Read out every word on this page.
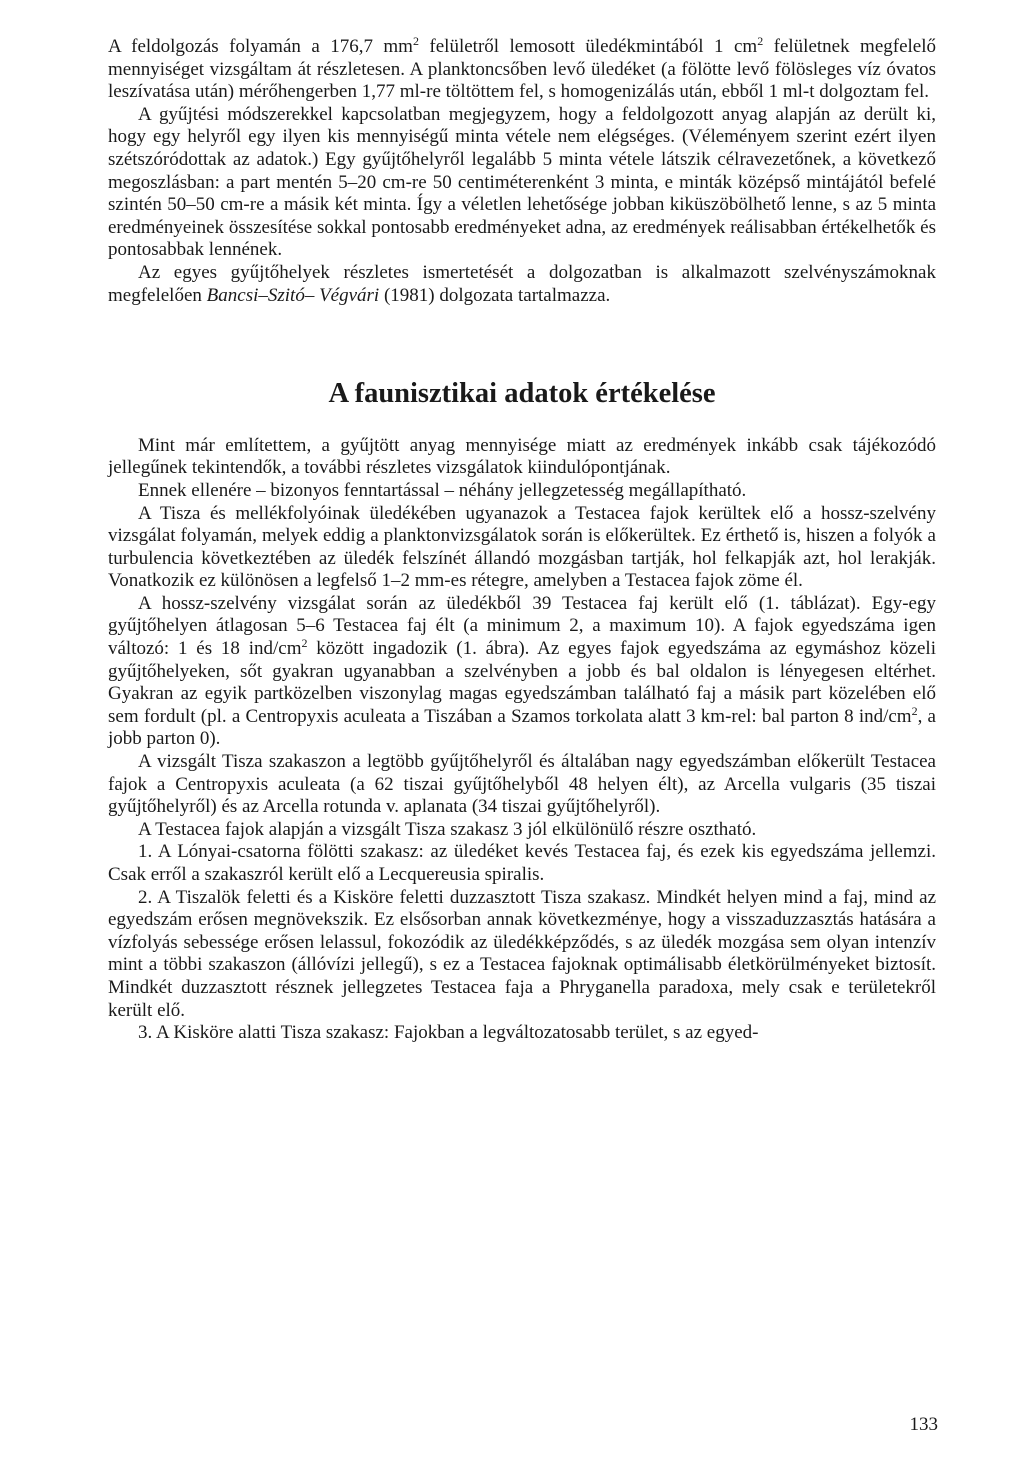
A feldolgozás folyamán a 176,7 $mm^2$ felületről lemosott üledékmintából 1 $cm^2$ felületnek megfelelő mennyiséget vizsgáltam át részletesen. A planktoncsőben levő üledéket (a fölötte levő fölösleges víz óvatos leszívatása után) mérőhengerben 1,77 ml-re töltöttem fel, s homogenizálás után, ebből 1 ml-t dolgoztam fel.

A gyűjtési módszerekkel kapcsolatban megjegyzem, hogy a feldolgozott anyag alapján az derült ki, hogy egy helyről egy ilyen kis mennyiségű minta vétele nem elégséges. (Véleményem szerint ezért ilyen szétszóródottak az adatok.) Egy gyűjtőhelyről legalább 5 minta vétele látszik célravezetőnek, a következő megoszlásban: a part mentén 5–20 cm-re 50 centiméterenként 3 minta, e minták középső mintájától befelé szintén 50–50 cm-re a másik két minta. Így a véletlen lehetősége jobban kiküszöbölhető lenne, s az 5 minta eredményeinek összesítése sokkal pontosabb eredményeket adna, az eredmények reálisabban értékelhetők és pontosabbak lennének.

Az egyes gyűjtőhelyek részletes ismertetését a dolgozatban is alkalmazott szelvényszámoknak megfelelően Bancsi–Szitó– Végvári (1981) dolgozata tartalmazza.

A faunisztikai adatok értékelése

Mint már említettem, a gyűjtött anyag mennyisége miatt az eredmények inkább csak tájékozódó jellegűnek tekintendők, a további részletes vizsgálatok kiindulópontjának.

Ennek ellenére – bizonyos fenntartással – néhány jellegzetesség megállapítható.

A Tisza és mellékfolyóinak üledékében ugyanazok a Testacea fajok kerültek elő a hossz-szelvény vizsgálat folyamán, melyek eddig a planktonvizsgálatok során is előkerültek. Ez érthető is, hiszen a folyók a turbulencia következtében az üledék felszínét állandó mozgásban tartják, hol felkapják azt, hol lerakják. Vonatkozik ez különösen a legfelső 1–2 mm-es rétegre, amelyben a Testacea fajok zöme él.

A hossz-szelvény vizsgálat során az üledékből 39 Testacea faj került elő (1. táblázat). Egy-egy gyűjtőhelyen átlagosan 5–6 Testacea faj élt (a minimum 2, a maximum 10). A fajok egyedszáma igen változó: 1 és 18 ind/$cm^2$ között ingadozik (1. ábra). Az egyes fajok egyedszáma az egymáshoz közeli gyűjtőhelyeken, sőt gyakran ugyanabban a szelvényben a jobb és bal oldalon is lényegesen eltérhet. Gyakran az egyik partközelben viszonylag magas egyedszámban található faj a másik part közelében elő sem fordult (pl. a Centropyxis aculeata a Tiszában a Szamos torkolata alatt 3 km-rel: bal parton 8 ind/$cm^2$, a jobb parton 0).

A vizsgált Tisza szakaszon a legtöbb gyűjtőhelyről és általában nagy egyedszámban előkerült Testacea fajok a Centropyxis aculeata (a 62 tiszai gyűjtőhelyből 48 helyen élt), az Arcella vulgaris (35 tiszai gyűjtőhelyről) és az Arcella rotunda v. aplanata (34 tiszai gyűjtőhelyről).

A Testacea fajok alapján a vizsgált Tisza szakasz 3 jól elkülönülő részre osztható.

1. A Lónyai-csatorna fölötti szakasz: az üledéket kevés Testacea faj, és ezek kis egyedszáma jellemzi. Csak erről a szakaszról került elő a Lecquereusia spiralis.

2. A Tiszalök feletti és a Kisköre feletti duzzasztott Tisza szakasz. Mindkét helyen mind a faj, mind az egyedszám erősen megnövekszik. Ez elsősorban annak következménye, hogy a visszaduzzasztás hatására a vízfolyás sebessége erősen lelassul, fokozódik az üledékképződés, s az üledék mozgása sem olyan intenzív mint a többi szakaszon (állóvízi jellegű), s ez a Testacea fajoknak optimálisabb életkörülményeket biztosít. Mindkét duzzasztott résznek jellegzetes Testacea faja a Phryganella paradoxa, mely csak e területekről került elő.

3. A Kisköre alatti Tisza szakasz: Fajokban a legváltozatosabb terület, s az egyed-

133
